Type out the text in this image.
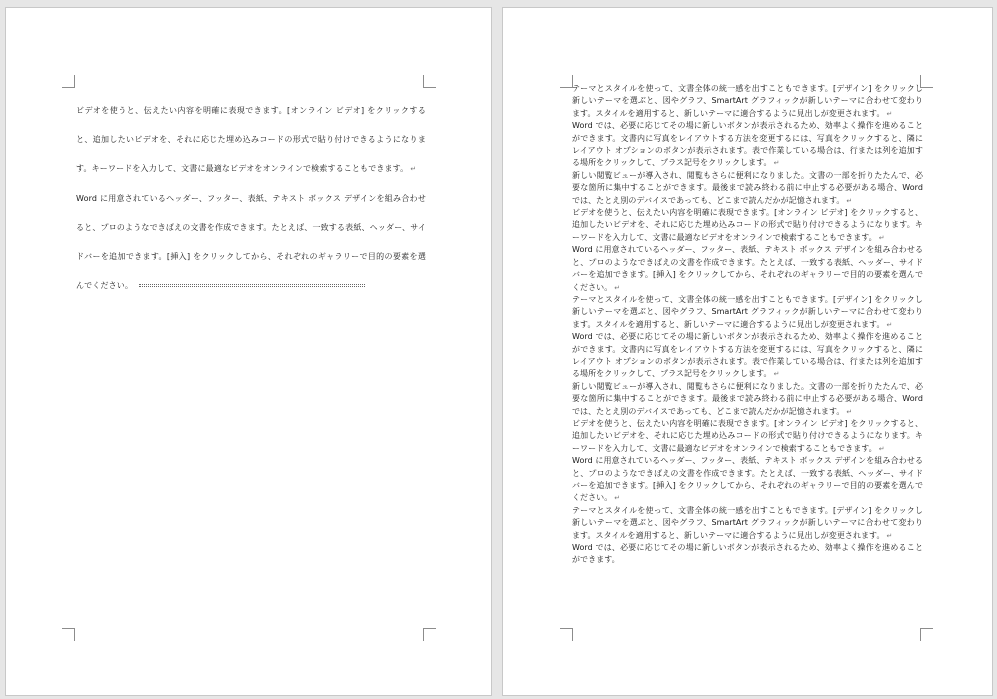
ビデオを使うと、伝えたい内容を明確に表現できます。[オンライン ビデオ] をクリックすると、追加したいビデオを、それに応じた埋め込みコードの形式で貼り付けできるようになります。キーワードを入力して、文書に最適なビデオをオンラインで検索することもできます。 ↵

Word に用意されているヘッダー、フッター、表紙、テキスト ボックス デザインを組み合わせると、プロのようなできばえの文書を作成できます。たとえば、一致する表紙、ヘッダー、サイドバーを追加できます。[挿入] をクリックしてから、それぞれのギャラリーで目的の要素を選んでください。

テーマとスタイルを使って、文書全体の統一感を出すこともできます。[デザイン] をクリックし新しいテーマを選ぶと、図やグラフ、SmartArt グラフィックが新しいテーマに合わせて変わります。スタイルを適用すると、新しいテーマに適合するように見出しが変更されます。 ↵

Word では、必要に応じてその場に新しいボタンが表示されるため、効率よく操作を進めることができます。文書内に写真をレイアウトする方法を変更するには、写真をクリックすると、隣にレイアウト オプションのボタンが表示されます。表で作業している場合は、行または列を追加する場所をクリックして、プラス記号をクリックします。 ↵

新しい閲覧ビューが導入され、閲覧もさらに便利になりました。文書の一部を折りたたんで、必要な箇所に集中することができます。最後まで読み終わる前に中止する必要がある場合、Word では、たとえ別のデバイスであっても、どこまで読んだかが記憶されます。 ↵

ビデオを使うと、伝えたい内容を明確に表現できます。[オンライン ビデオ] をクリックすると、追加したいビデオを、それに応じた埋め込みコードの形式で貼り付けできるようになります。キーワードを入力して、文書に最適なビデオをオンラインで検索することもできます。 ↵

Word に用意されているヘッダー、フッター、表紙、テキスト ボックス デザインを組み合わせると、プロのようなできばえの文書を作成できます。たとえば、一致する表紙、ヘッダー、サイドバーを追加できます。[挿入] をクリックしてから、それぞれのギャラリーで目的の要素を選んでください。 ↵

テーマとスタイルを使って、文書全体の統一感を出すこともできます。[デザイン] をクリックし新しいテーマを選ぶと、図やグラフ、SmartArt グラフィックが新しいテーマに合わせて変わります。スタイルを適用すると、新しいテーマに適合するように見出しが変更されます。 ↵

Word では、必要に応じてその場に新しいボタンが表示されるため、効率よく操作を進めることができます。文書内に写真をレイアウトする方法を変更するには、写真をクリックすると、隣にレイアウト オプションのボタンが表示されます。表で作業している場合は、行または列を追加する場所をクリックして、プラス記号をクリックします。 ↵

新しい閲覧ビューが導入され、閲覧もさらに便利になりました。文書の一部を折りたたんで、必要な箇所に集中することができます。最後まで読み終わる前に中止する必要がある場合、Word では、たとえ別のデバイスであっても、どこまで読んだかが記憶されます。 ↵

ビデオを使うと、伝えたい内容を明確に表現できます。[オンライン ビデオ] をクリックすると、追加したいビデオを、それに応じた埋め込みコードの形式で貼り付けできるようになります。キーワードを入力して、文書に最適なビデオをオンラインで検索することもできます。 ↵

Word に用意されているヘッダー、フッター、表紙、テキスト ボックス デザインを組み合わせると、プロのようなできばえの文書を作成できます。たとえば、一致する表紙、ヘッダー、サイドバーを追加できます。[挿入] をクリックしてから、それぞれのギャラリーで目的の要素を選んでください。 ↵

テーマとスタイルを使って、文書全体の統一感を出すこともできます。[デザイン] をクリックし新しいテーマを選ぶと、図やグラフ、SmartArt グラフィックが新しいテーマに合わせて変わります。スタイルを適用すると、新しいテーマに適合するように見出しが変更されます。 ↵

Word では、必要に応じてその場に新しいボタンが表示されるため、効率よく操作を進めることができます。
